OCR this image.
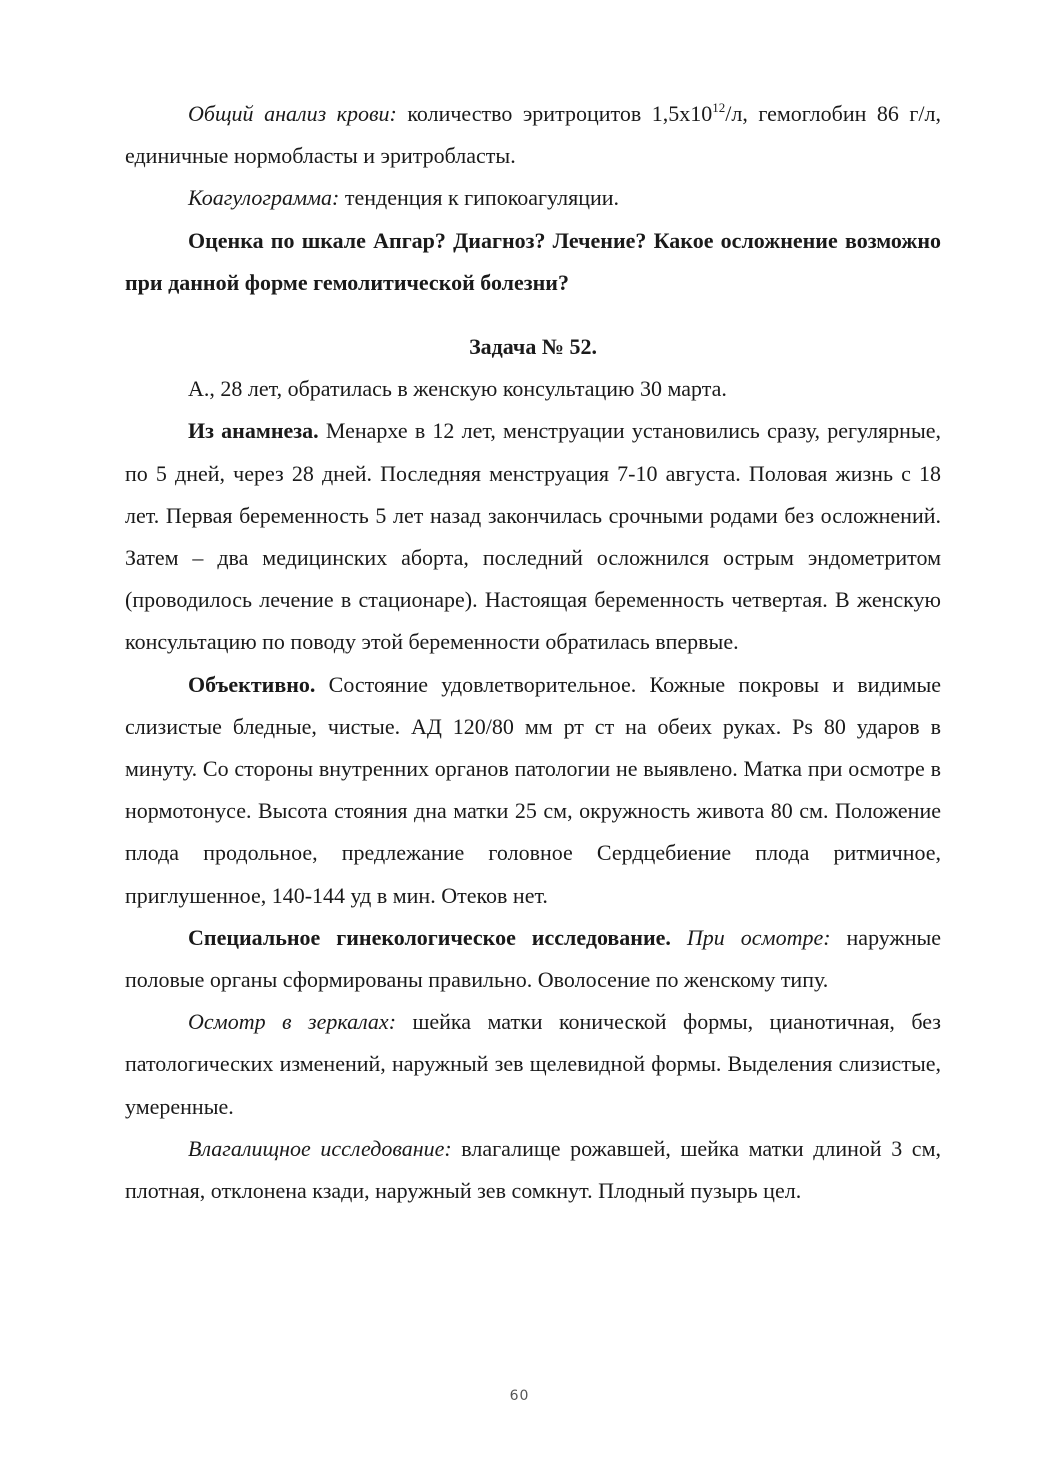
Общий анализ крови: количество эритроцитов $1,5х10^{12}/л$, гемоглобин 86 г/л, единичные нормобласты и эритробласты.

Коагулограмма: тенденция к гипокоагуляции.

Оценка по шкале Апгар? Диагноз? Лечение? Какое осложнение возможно при данной форме гемолитической болезни?

Задача № 52.

А., 28 лет, обратилась в женскую консультацию 30 марта.

Из анамнеза. Менархе в 12 лет, менструации установились сразу, регулярные, по 5 дней, через 28 дней. Последняя менструация 7-10 августа. Половая жизнь с 18 лет. Первая беременность 5 лет назад закончилась срочными родами без осложнений. Затем – два медицинских аборта, последний осложнился острым эндометритом (проводилось лечение в стационаре). Настоящая беременность четвертая. В женскую консультацию по поводу этой беременности обратилась впервые.

Объективно. Состояние удовлетворительное. Кожные покровы и видимые слизистые бледные, чистые. АД 120/80 мм рт ст на обеих руках. Ps 80 ударов в минуту. Со стороны внутренних органов патологии не выявлено. Матка при осмотре в нормотонусе. Высота стояния дна матки 25 см, окружность живота 80 см. Положение плода продольное, предлежание головное Сердцебиение плода ритмичное, приглушенное, 140-144 уд в мин. Отеков нет.

Специальное гинекологическое исследование. При осмотре: наружные половые органы сформированы правильно. Оволосение по женскому типу.

Осмотр в зеркалах: шейка матки конической формы, цианотичная, без патологических изменений, наружный зев щелевидной формы. Выделения слизистые, умеренные.

Влагалищное исследование: влагалище рожавшей, шейка матки длиной 3 см, плотная, отклонена кзади, наружный зев сомкнут. Плодный пузырь цел.

60
